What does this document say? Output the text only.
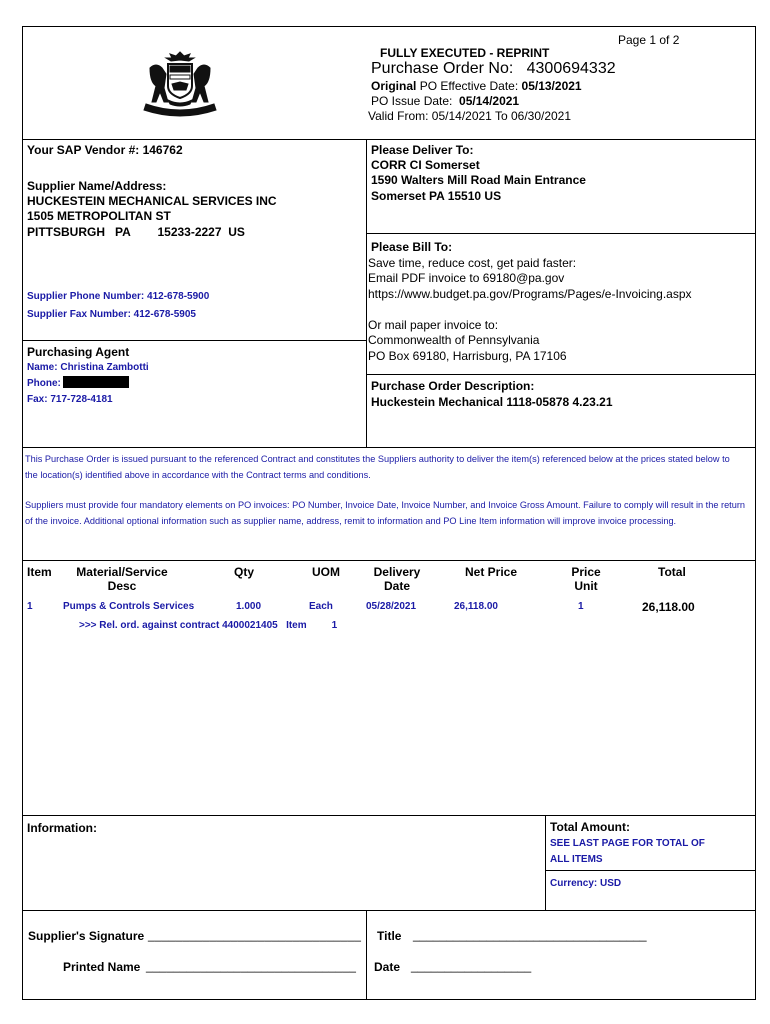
Page 1 of 2
FULLY EXECUTED - REPRINT
Purchase Order No: 4300694332
Original PO Effective Date: 05/13/2021
PO Issue Date: 05/14/2021
Valid From: 05/14/2021 To 06/30/2021
Your SAP Vendor #: 146762
Supplier Name/Address:
HUCKESTEIN MECHANICAL SERVICES INC
1505 METROPOLITAN ST
PITTSBURGH PA 15233-2227 US
Supplier Phone Number: 412-678-5900
Supplier Fax Number: 412-678-5905
Purchasing Agent
Name: Christina Zambotti
Phone:
Fax: 717-728-4181
Please Deliver To:
CORR CI Somerset
1590 Walters Mill Road Main Entrance
Somerset PA 15510 US
Please Bill To:
Save time, reduce cost, get paid faster:
Email PDF invoice to 69180@pa.gov
https://www.budget.pa.gov/Programs/Pages/e-Invoicing.aspx
Or mail paper invoice to:
Commonwealth of Pennsylvania
PO Box 69180, Harrisburg, PA 17106
Purchase Order Description:
Huckestein Mechanical 1118-05878 4.23.21
This Purchase Order is issued pursuant to the referenced Contract and constitutes the Suppliers authority to deliver the item(s) referenced below at the prices stated below to the location(s) identified above in accordance with the Contract terms and conditions.
Suppliers must provide four mandatory elements on PO invoices: PO Number, Invoice Date, Invoice Number, and Invoice Gross Amount. Failure to comply will result in the return of the invoice. Additional optional information such as supplier name, address, remit to information and PO Line Item information will improve invoice processing.
Item	Material/Service
Desc
Qty	UOM	Delivery
Date
Net Price	Price
Unit
Total
1	Pumps & Controls Services	1.000	Each	05/28/2021	26,118.00	1	26,118.00
>>> Rel. ord. against contract 4400021405 Item	1
Information:	Total Amount:
SEE LAST PAGE FOR TOTAL OF
ALL ITEMS
Currency: USD
Supplier's Signature _______________________________
Printed Name _______________________________
Title ___________________________________
Date __________________
